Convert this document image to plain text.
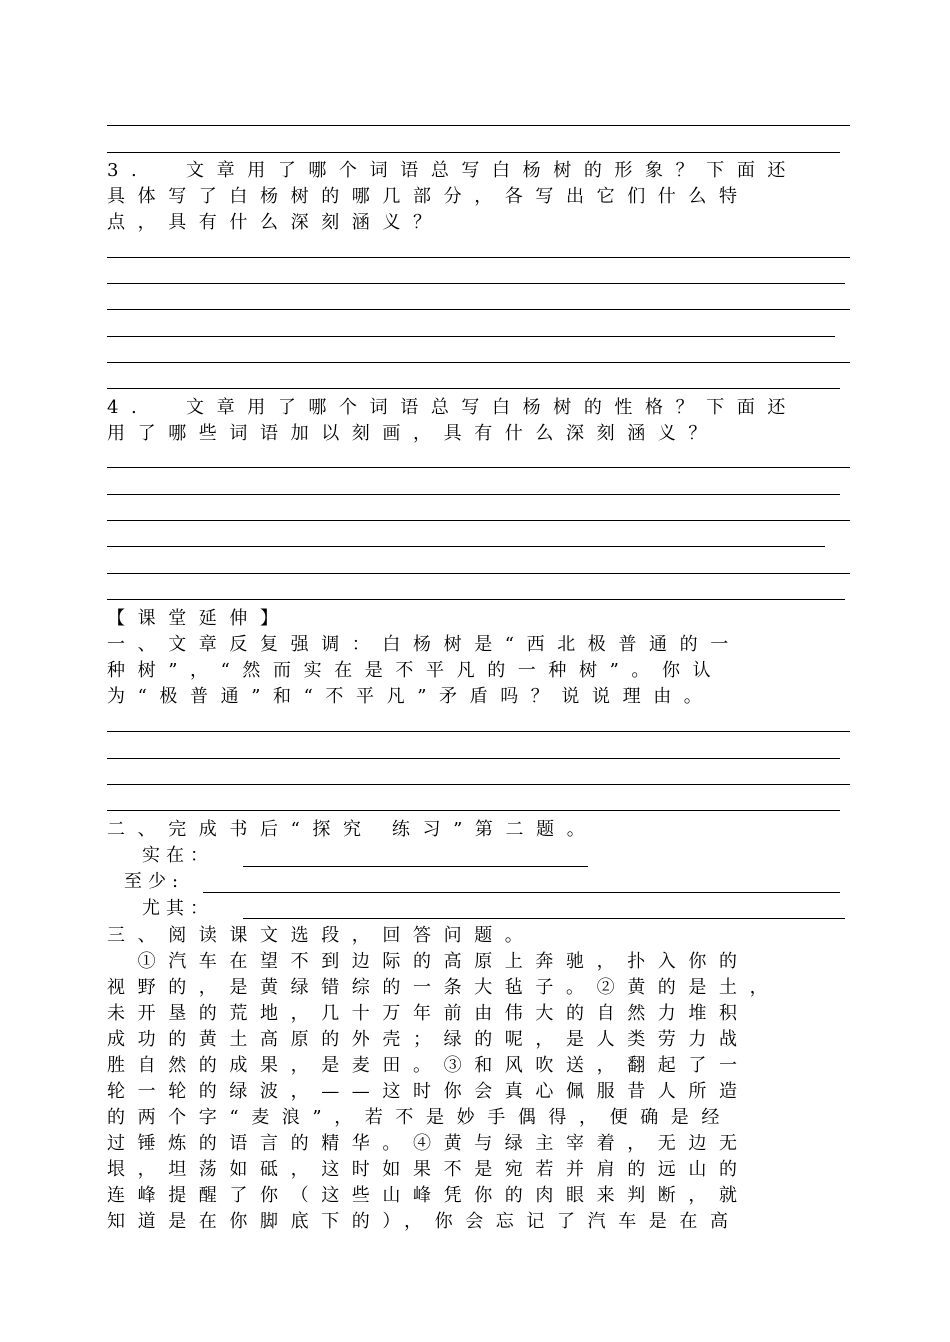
3.  文章用了哪个词语总写白杨树的形象？下面还
具体写了白杨树的哪几部分，各写出它们什么特
点，具有什么深刻涵义？
4.  文章用了哪个词语总写白杨树的性格？下面还
用了哪些词语加以刻画，具有什么深刻涵义？
【课堂延伸】
一、文章反复强调：白杨树是“西北极普通的一
种树”，“然而实在是不平凡的一种树”。你认
为“极普通”和“不平凡”矛盾吗？说说理由。
二、完成书后“探究 练习”第二题。
实在：
至少:
尤其：
三、阅读课文选段，回答问题。
　①汽车在望不到边际的高原上奔驰，扑入你的
视野的，是黄绿错综的一条大毡子。②黄的是土，
未开垦的荒地，几十万年前由伟大的自然力堆积
成功的黄土高原的外壳；绿的呢，是人类劳力战
胜自然的成果，是麦田。③和风吹送，翻起了一
轮一轮的绿波，——这时你会真心佩服昔人所造
的两个字“麦浪”，若不是妙手偶得，便确是经
过锤炼的语言的精华。④黄与绿主宰着，无边无
垠，坦荡如砥，这时如果不是宛若并肩的远山的
连峰提醒了你（这些山峰凭你的肉眼来判断，就
知道是在你脚底下的），你会忘记了汽车是在高
